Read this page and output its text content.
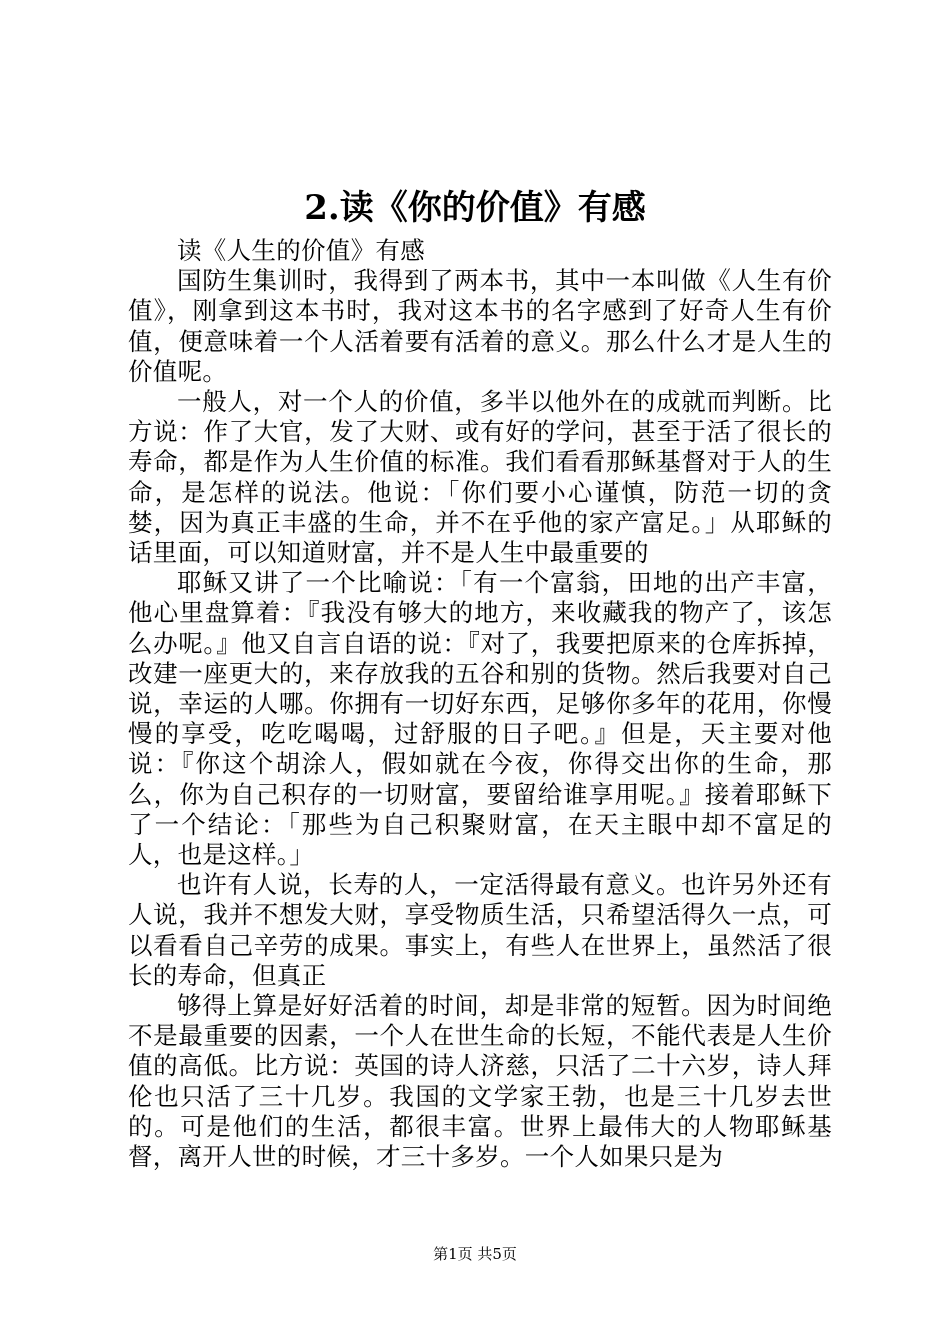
2.读《你的价值》有感

读《人生的价值》有感

国防生集训时，我得到了两本书，其中一本叫做《人生有价值》，刚拿到这本书时，我对这本书的名字感到了好奇人生有价值，便意味着一个人活着要有活着的意义。那么什么才是人生的价值呢。

一般人，对一个人的价值，多半以他外在的成就而判断。比方说：作了大官，发了大财、或有好的学问，甚至于活了很长的寿命，都是作为人生价值的标准。我们看看那稣基督对于人的生命，是怎样的说法。他说：「你们要小心谨慎，防范一切的贪婪，因为真正丰盛的生命，并不在乎他的家产富足。」从耶稣的话里面，可以知道财富，并不是人生中最重要的

耶稣又讲了一个比喻说：「有一个富翁，田地的出产丰富，他心里盘算着：『我没有够大的地方，来收藏我的物产了，该怎么办呢。』他又自言自语的说：『对了，我要把原来的仓库拆掉，改建一座更大的，来存放我的五谷和别的货物。然后我要对自己说，幸运的人哪。你拥有一切好东西，足够你多年的花用，你慢慢的享受，吃吃喝喝，过舒服的日子吧。』但是，天主要对他说：『你这个胡涂人，假如就在今夜，你得交出你的生命，那么，你为自己积存的一切财富，要留给谁享用呢。』接着耶稣下了一个结论：「那些为自己积聚财富，在天主眼中却不富足的人，也是这样。」

也许有人说，长寿的人，一定活得最有意义。也许另外还有人说，我并不想发大财，享受物质生活，只希望活得久一点，可以看看自己辛劳的成果。事实上，有些人在世界上，虽然活了很长的寿命，但真正

够得上算是好好活着的时间，却是非常的短暂。因为时间绝不是最重要的因素，一个人在世生命的长短，不能代表是人生价值的高低。比方说：英国的诗人济慈，只活了二十六岁，诗人拜伦也只活了三十几岁。我国的文学家王勃，也是三十几岁去世的。可是他们的生活，都很丰富。世界上最伟大的人物耶稣基督，离开人世的时候，才三十多岁。一个人如果只是为

第1页 共5页
